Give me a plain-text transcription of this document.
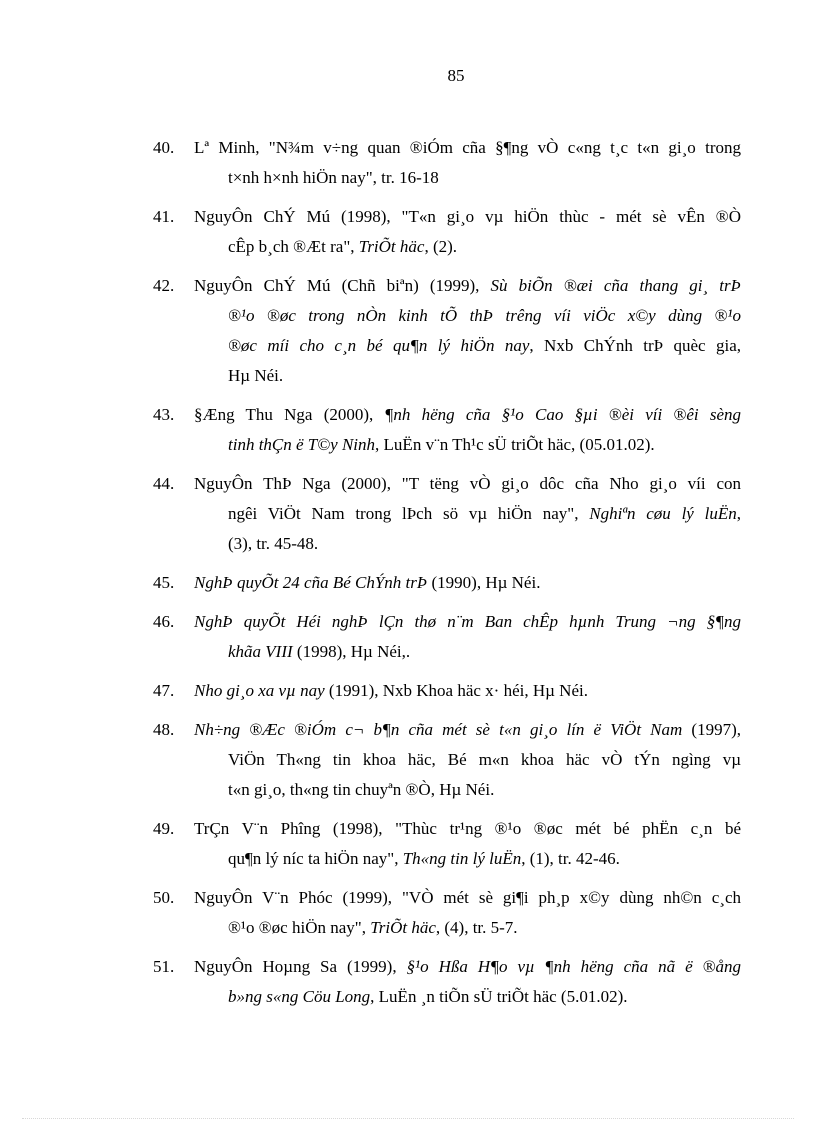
85
40.	Lª Minh, "N¾m v÷ng quan ®iÓm cña §¶ng vÒ c«ng t¸c t«n gi¸o trong
t×nh h×nh hiÖn nay", tr. 16-18
41.	NguyÔn ChÝ Mú (1998), "T«n gi¸o vµ hiÖn thùc - mét sè vÊn ®Ò
cÊp b¸ch ®Æt ra", TriÕt häc, (2).
42.	NguyÔn ChÝ Mú (Chñ biªn) (1999), Sù biÕn ®æi cña thang gi¸ trÞ
®¹o ®øc trong nÒn kinh tÕ thÞ trêng víi viÖc x©y dùng ®¹o
®øc míi cho c¸n bé qu¶n lý hiÖn nay, Nxb ChÝnh trÞ quèc gia,
Hµ Néi.
43.	§Æng Thu Nga (2000), ¶nh hëng cña §¹o Cao §µi ®èi víi ®êi sèng
tinh thÇn ë T©y Ninh, LuËn v¨n Th¹c sÜ triÕt häc, (05.01.02).
44.	NguyÔn ThÞ Nga (2000), "T tëng vÒ gi¸o dôc cña Nho gi¸o víi con
ngêi ViÖt Nam trong lÞch sö vµ hiÖn nay", Nghiªn cøu lý luËn,
(3), tr. 45-48.
45.	NghÞ quyÕt 24 cña Bé ChÝnh trÞ (1990), Hµ Néi.
46.	NghÞ quyÕt Héi nghÞ lÇn thø n¨m Ban chÊp hµnh Trung ¬ng §¶ng
khãa VIII (1998), Hµ Néi,.
47.	Nho gi¸o xa vµ nay (1991), Nxb Khoa häc x· héi, Hµ Néi.
48.	Nh÷ng ®Æc ®iÓm c¬ b¶n cña mét sè t«n gi¸o lín ë ViÖt Nam (1997),
ViÖn Th«ng tin khoa häc, Bé m«n khoa häc vÒ tÝn ngìng vµ
t«n gi¸o, th«ng tin chuyªn ®Ò, Hµ Néi.
49.	TrÇn V¨n Phîng (1998), "Thùc tr¹ng ®¹o ®øc mét bé phËn c¸n bé
qu¶n lý níc ta hiÖn nay", Th«ng tin lý luËn, (1), tr. 42-46.
50.	NguyÔn V¨n Phóc (1999), "VÒ mét sè gi¶i ph¸p x©y dùng nh©n c¸ch
®¹o ®øc hiÖn nay", TriÕt häc, (4), tr. 5-7.
51.	NguyÔn Hoµng Sa (1999), §¹o Hßa H¶o vµ ¶nh hëng cña nã ë ®ång
b»ng s«ng Cöu Long, LuËn ¸n tiÕn sÜ triÕt häc (5.01.02).
